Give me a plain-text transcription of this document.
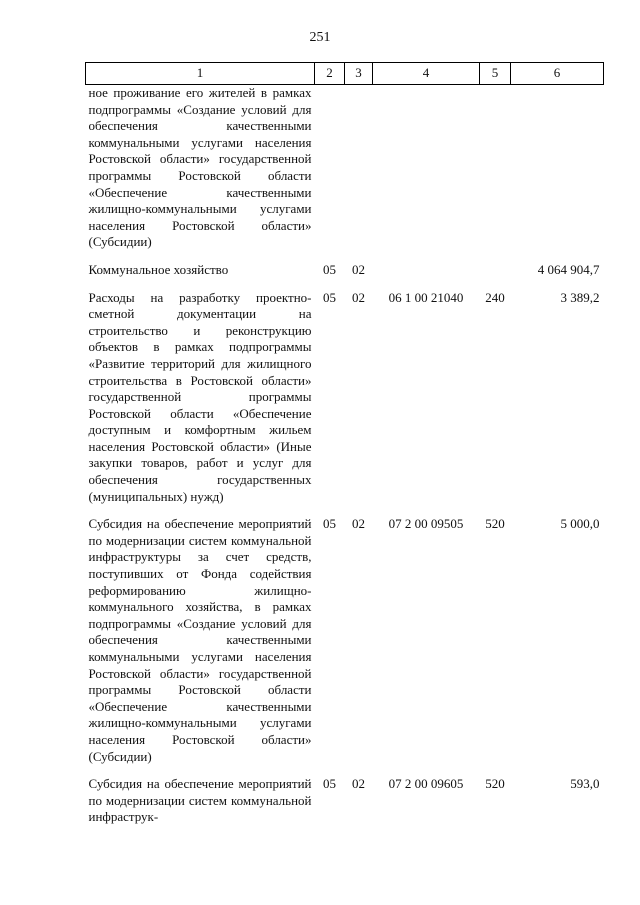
251
1	2	3	4	5	6
ное проживание его жителей в рамках подпрограммы «Создание условий для обеспечения качественными коммунальными услугами населения Ростовской области» государственной программы Ростовской области «Обеспечение качественными жилищно-коммунальными услугами населения Ростовской области» (Субсидии)					
Коммунальное хозяйство	05	02			4 064 904,7
Расходы на разработку проектно-сметной документации на строительство и реконструкцию объектов в рамках подпрограммы «Развитие территорий для жилищного строительства в Ростовской области» государственной программы Ростовской области «Обеспечение доступным и комфортным жильем населения Ростовской области» (Иные закупки товаров, работ и услуг для обеспечения государственных (муниципальных) нужд)	05	02	06 1 00 21040	240	3 389,2
Субсидия на обеспечение мероприятий по модернизации систем коммунальной инфраструктуры за счет средств, поступивших от Фонда содействия реформированию жилищно-коммунального хозяйства, в рамках подпрограммы «Создание условий для обеспечения качественными коммунальными услугами населения Ростовской области» государственной программы Ростовской области «Обеспечение качественными жилищно-коммунальными услугами населения Ростовской области» (Субсидии)	05	02	07 2 00 09505	520	5 000,0
Субсидия на обеспечение мероприятий по модернизации систем коммунальной инфраструк-	05	02	07 2 00 09605	520	593,0
